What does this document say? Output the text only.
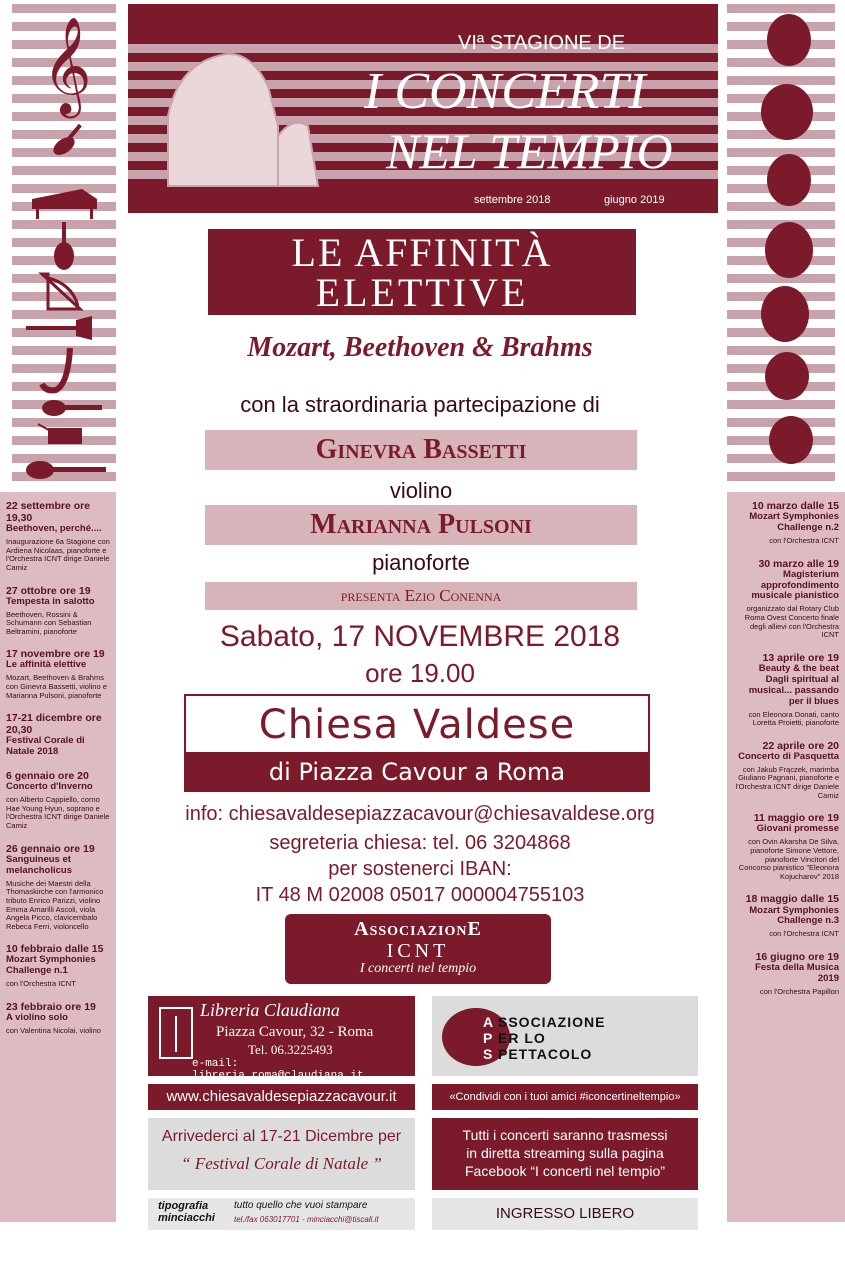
𝄞
22 settembre ore 19,30
Beethoven, perché....
Inaugurazione 6a Stagione con Ardiena Nicolaas, pianoforte e l'Orchestra ICNT dirige Daniele Camiz
27 ottobre ore 19
Tempesta in salotto
Beethoven, Rossini & Schumann con Sebastian Beltramini, pianoforte
17 novembre ore 19
Le affinità elettive
Mozart, Beethoven & Brahms con Ginevra Bassetti, violino e Marianna Pulsoni, pianoforte
17-21 dicembre ore 20,30
Festival Corale di Natale 2018
6 gennaio ore 20
Concerto d'Inverno
con Alberto Cappiello, corno Hae Young Hyun, soprano e l'Orchestra ICNT dirige Daniele Camiz
26 gennaio ore 19
Sanguineus et melancholicus
Musiche dei Maestri della Thomaskirche con l'armonico tributo Enrico Parizzi, violino Emma Amarilli Ascoli, viola Angela Picco, clavicembalo Rebeca Ferri, violoncello
10 febbraio dalle 15
Mozart Symphonies Challenge n.1
con l'Orchestra ICNT
23 febbraio ore 19
A violino solo
con Valentina Nicolai, violino
10 marzo dalle 15
Mozart Symphonies Challenge n.2
con l'Orchestra ICNT
30 marzo alle 19
Magisterium approfondimento musicale pianistico
organizzato dal Rotary Club Roma Ovest Concerto finale degli allievi con l'Orchestra ICNT
13 aprile ore 19
Beauty & the beat Dagli spiritual al musical... passando per il blues
con Eleonora Donati, canto Loretta Proietti, pianoforte
22 aprile ore 20
Concerto di Pasquetta
con Jakub Frączek, marimba Giuliano Pagnani, pianoforte e l'Orchestra ICNT dirige Daniele Camiz
11 maggio ore 19
Giovani promesse
con Ovin Akarsha De Silva, pianoforte Simone Vettore, pianoforte Vincitori del Concorso pianistico "Eleonora Kojucharov" 2018
18 maggio dalle 15
Mozart Symphonies Challenge n.3
con l'Orchestra ICNT
16 giugno ore 19
Festa della Musica 2019
con l'Orchestra Papillon
VIª STAGIONE DE
I CONCERTI
NEL TEMPIO
settembre 2018	giugno 2019
LE AFFINITÀ
ELETTIVE
Mozart, Beethoven & Brahms
con la straordinaria partecipazione di
Ginevra Bassetti
violino
Marianna Pulsoni
pianoforte
presenta Ezio Conenna
Sabato, 17 NOVEMBRE 2018
ore 19.00
Chiesa Valdese
di Piazza Cavour a Roma
info: chiesavaldesepiazzacavour@chiesavaldese.org
segreteria chiesa: tel. 06 3204868
per sostenerci IBAN:
IT 48 M 02008 05017 000004755103
AssociazionE
ICNT
I concerti nel tempio
Libreria Claudiana
Piazza Cavour, 32 - Roma
Tel. 06.3225493
e-mail: libreria.roma@claudiana.it
A
P
S
SSOCIAZIONE
ER LO
PETTACOLO
www.chiesavaldesepiazzacavour.it	«Condividi con i tuoi amici #iconcertineltempio»
Arrivederci al 17-21 Dicembre per
“ Festival Corale di Natale ”
Tutti i concerti saranno trasmessi
in diretta streaming sulla pagina
Facebook “I concerti nel tempio”
tipografia
minciacchi
tutto quello che vuoi stampare
tel./fax 063017701 - minciacchi@tiscali.it	INGRESSO LIBERO
